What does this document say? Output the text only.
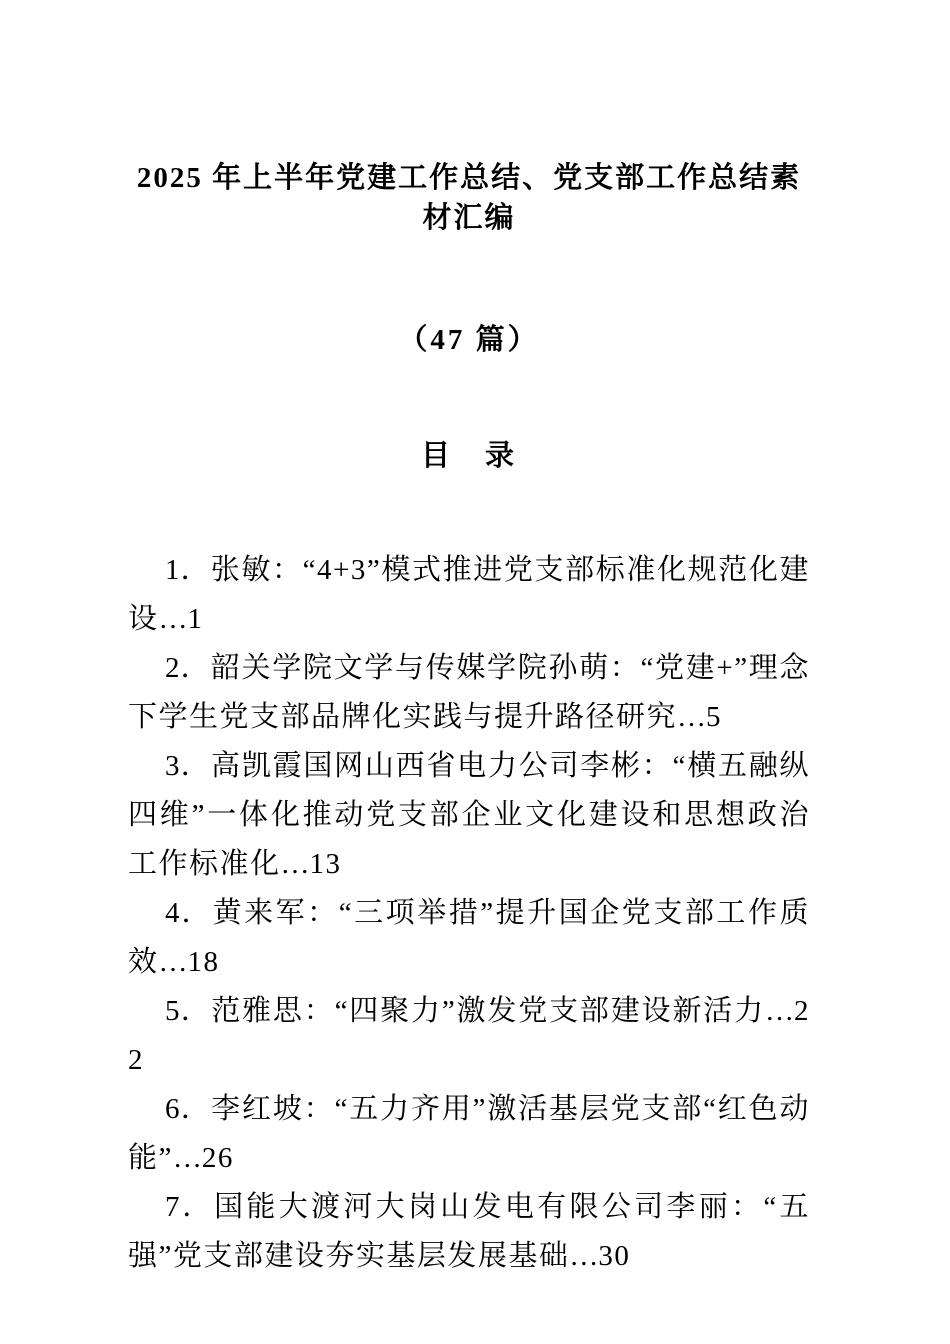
2025 年上半年党建工作总结、党支部工作总结素材汇编
（47 篇）
目　录

1．张敏：“4+3”模式推进党支部标准化规范化建设…1

2．韶关学院文学与传媒学院孙萌：“党建+”理念下学生党支部品牌化实践与提升路径研究…5

3．高凯霞国网山西省电力公司李彬：“横五融纵四维”一体化推动党支部企业文化建设和思想政治工作标准化…13

4．黄来军：“三项举措”提升国企党支部工作质效…18

5．范雅思：“四聚力”激发党支部建设新活力…22

6．李红坡：“五力齐用”激活基层党支部“红色动能”…26

7．国能大渡河大岗山发电有限公司李丽：“五强”党支部建设夯实基层发展基础…30
